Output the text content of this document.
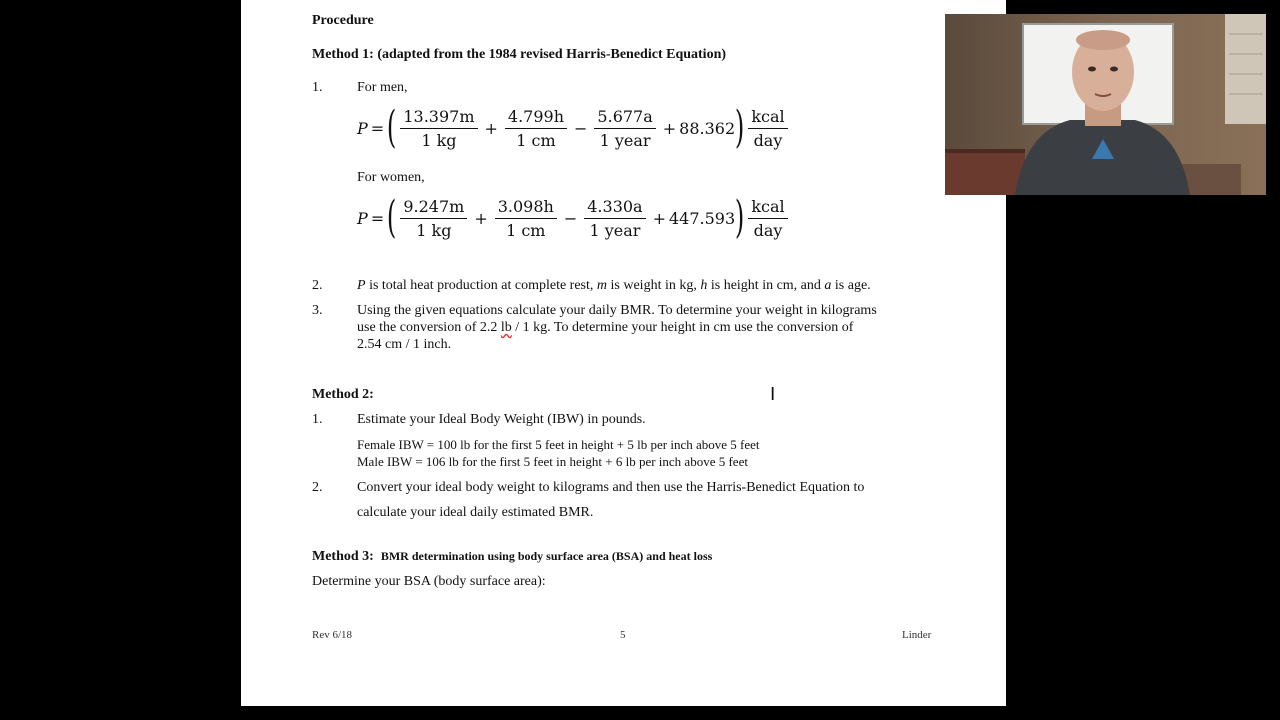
Procedure
Method 1: (adapted from the 1984 revised Harris-Benedict Equation)
1. For men,
P = ( $\frac{13.397m}{1 kg} + \frac{4.799h}{1 cm} - \frac{5.677a}{\text{1 year}} + 88.362$ ) $\frac{\text{kcal}}{\text{day}}$
For women,
P = ( $\frac{9.247m}{1 kg} + \frac{3.098h}{1 cm} - \frac{4.330a}{\text{1 year}} + 447.593$ ) $\frac{\text{kcal}}{\text{day}}$
2. P is total heat production at complete rest, m is weight in kg, h is height in cm, and a is age.
3. Using the given equations calculate your daily BMR. To determine your weight in kilograms
use the conversion of 2.2 lb / 1 kg. To determine your height in cm use the conversion of
2.54 cm / 1 inch.
Method 2:
1. Estimate your Ideal Body Weight (IBW) in pounds.
Female IBW = 100 lb for the first 5 feet in height + 5 lb per inch above 5 feet
Male IBW = 106 lb for the first 5 feet in height + 6 lb per inch above 5 feet
2. Convert your ideal body weight to kilograms and then use the Harris-Benedict Equation to
calculate your ideal daily estimated BMR.
Method 3: BMR determination using body surface area (BSA) and heat loss
Determine your BSA (body surface area):
Rev 6/18	5	Linder
I
